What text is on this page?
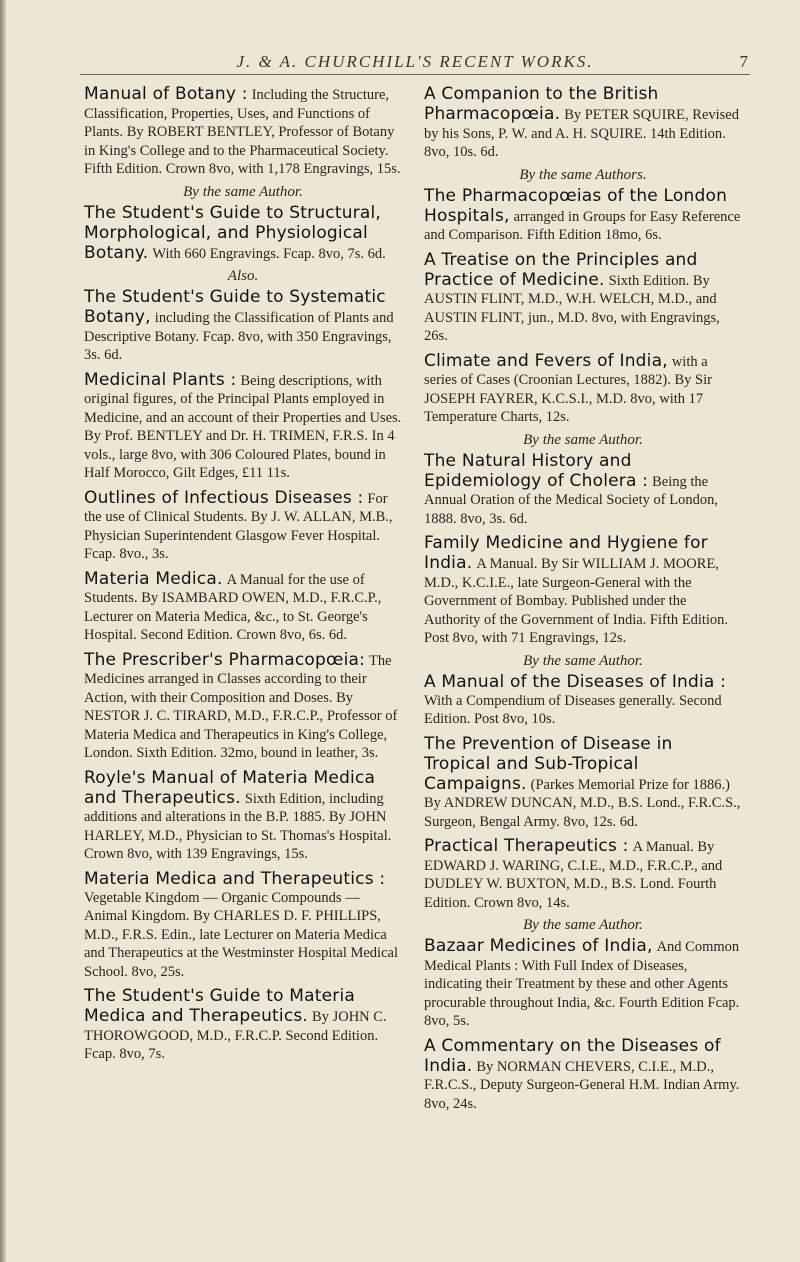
J. & A. CHURCHILL'S RECENT WORKS.	7
Manual of Botany : Including the Structure, Classification, Properties, Uses, and Functions of Plants. By ROBERT BENTLEY, Professor of Botany in King's College and to the Pharmaceutical Society. Fifth Edition. Crown 8vo, with 1,178 Engravings, 15s.
By the same Author.
The Student's Guide to Structural, Morphological, and Physiological Botany. With 660 Engravings. Fcap. 8vo, 7s. 6d.
Also.
The Student's Guide to Systematic Botany, including the Classification of Plants and Descriptive Botany. Fcap. 8vo, with 350 Engravings, 3s. 6d.
Medicinal Plants : Being descriptions, with original figures, of the Principal Plants employed in Medicine, and an account of their Properties and Uses. By Prof. BENTLEY and Dr. H. TRIMEN, F.R.S. In 4 vols., large 8vo, with 306 Coloured Plates, bound in Half Morocco, Gilt Edges, £11 11s.
Outlines of Infectious Diseases : For the use of Clinical Students. By J. W. ALLAN, M.B., Physician Superintendent Glasgow Fever Hospital. Fcap. 8vo., 3s.
Materia Medica. A Manual for the use of Students. By ISAMBARD OWEN, M.D., F.R.C.P., Lecturer on Materia Medica, &c., to St. George's Hospital. Second Edition. Crown 8vo, 6s. 6d.
The Prescriber's Pharmacopœia: The Medicines arranged in Classes according to their Action, with their Composition and Doses. By NESTOR J. C. TIRARD, M.D., F.R.C.P., Professor of Materia Medica and Therapeutics in King's College, London. Sixth Edition. 32mo, bound in leather, 3s.
Royle's Manual of Materia Medica and Therapeutics. Sixth Edition, including additions and alterations in the B.P. 1885. By JOHN HARLEY, M.D., Physician to St. Thomas's Hospital. Crown 8vo, with 139 Engravings, 15s.
Materia Medica and Therapeutics : Vegetable Kingdom — Organic Compounds — Animal Kingdom. By CHARLES D. F. PHILLIPS, M.D., F.R.S. Edin., late Lecturer on Materia Medica and Therapeutics at the Westminster Hospital Medical School. 8vo, 25s.
The Student's Guide to Materia Medica and Therapeutics. By JOHN C. THOROWGOOD, M.D., F.R.C.P. Second Edition. Fcap. 8vo, 7s.
A Companion to the British Pharmacopœia. By PETER SQUIRE, Revised by his Sons, P. W. and A. H. SQUIRE. 14th Edition. 8vo, 10s. 6d.
By the same Authors.
The Pharmacopœias of the London Hospitals, arranged in Groups for Easy Reference and Comparison. Fifth Edition 18mo, 6s.
A Treatise on the Principles and Practice of Medicine. Sixth Edition. By AUSTIN FLINT, M.D., W.H. WELCH, M.D., and AUSTIN FLINT, jun., M.D. 8vo, with Engravings, 26s.
Climate and Fevers of India, with a series of Cases (Croonian Lectures, 1882). By Sir JOSEPH FAYRER, K.C.S.I., M.D. 8vo, with 17 Temperature Charts, 12s.
By the same Author.
The Natural History and Epidemiology of Cholera : Being the Annual Oration of the Medical Society of London, 1888. 8vo, 3s. 6d.
Family Medicine and Hygiene for India. A Manual. By Sir WILLIAM J. MOORE, M.D., K.C.I.E., late Surgeon-General with the Government of Bombay. Published under the Authority of the Government of India. Fifth Edition. Post 8vo, with 71 Engravings, 12s.
By the same Author.
A Manual of the Diseases of India : With a Compendium of Diseases generally. Second Edition. Post 8vo, 10s.
The Prevention of Disease in Tropical and Sub-Tropical Campaigns. (Parkes Memorial Prize for 1886.) By ANDREW DUNCAN, M.D., B.S. Lond., F.R.C.S., Surgeon, Bengal Army. 8vo, 12s. 6d.
Practical Therapeutics : A Manual. By EDWARD J. WARING, C.I.E., M.D., F.R.C.P., and DUDLEY W. BUXTON, M.D., B.S. Lond. Fourth Edition. Crown 8vo, 14s.
By the same Author.
Bazaar Medicines of India, And Common Medical Plants : With Full Index of Diseases, indicating their Treatment by these and other Agents procurable throughout India, &c. Fourth Edition Fcap. 8vo, 5s.
A Commentary on the Diseases of India. By NORMAN CHEVERS, C.I.E., M.D., F.R.C.S., Deputy Surgeon-General H.M. Indian Army. 8vo, 24s.
